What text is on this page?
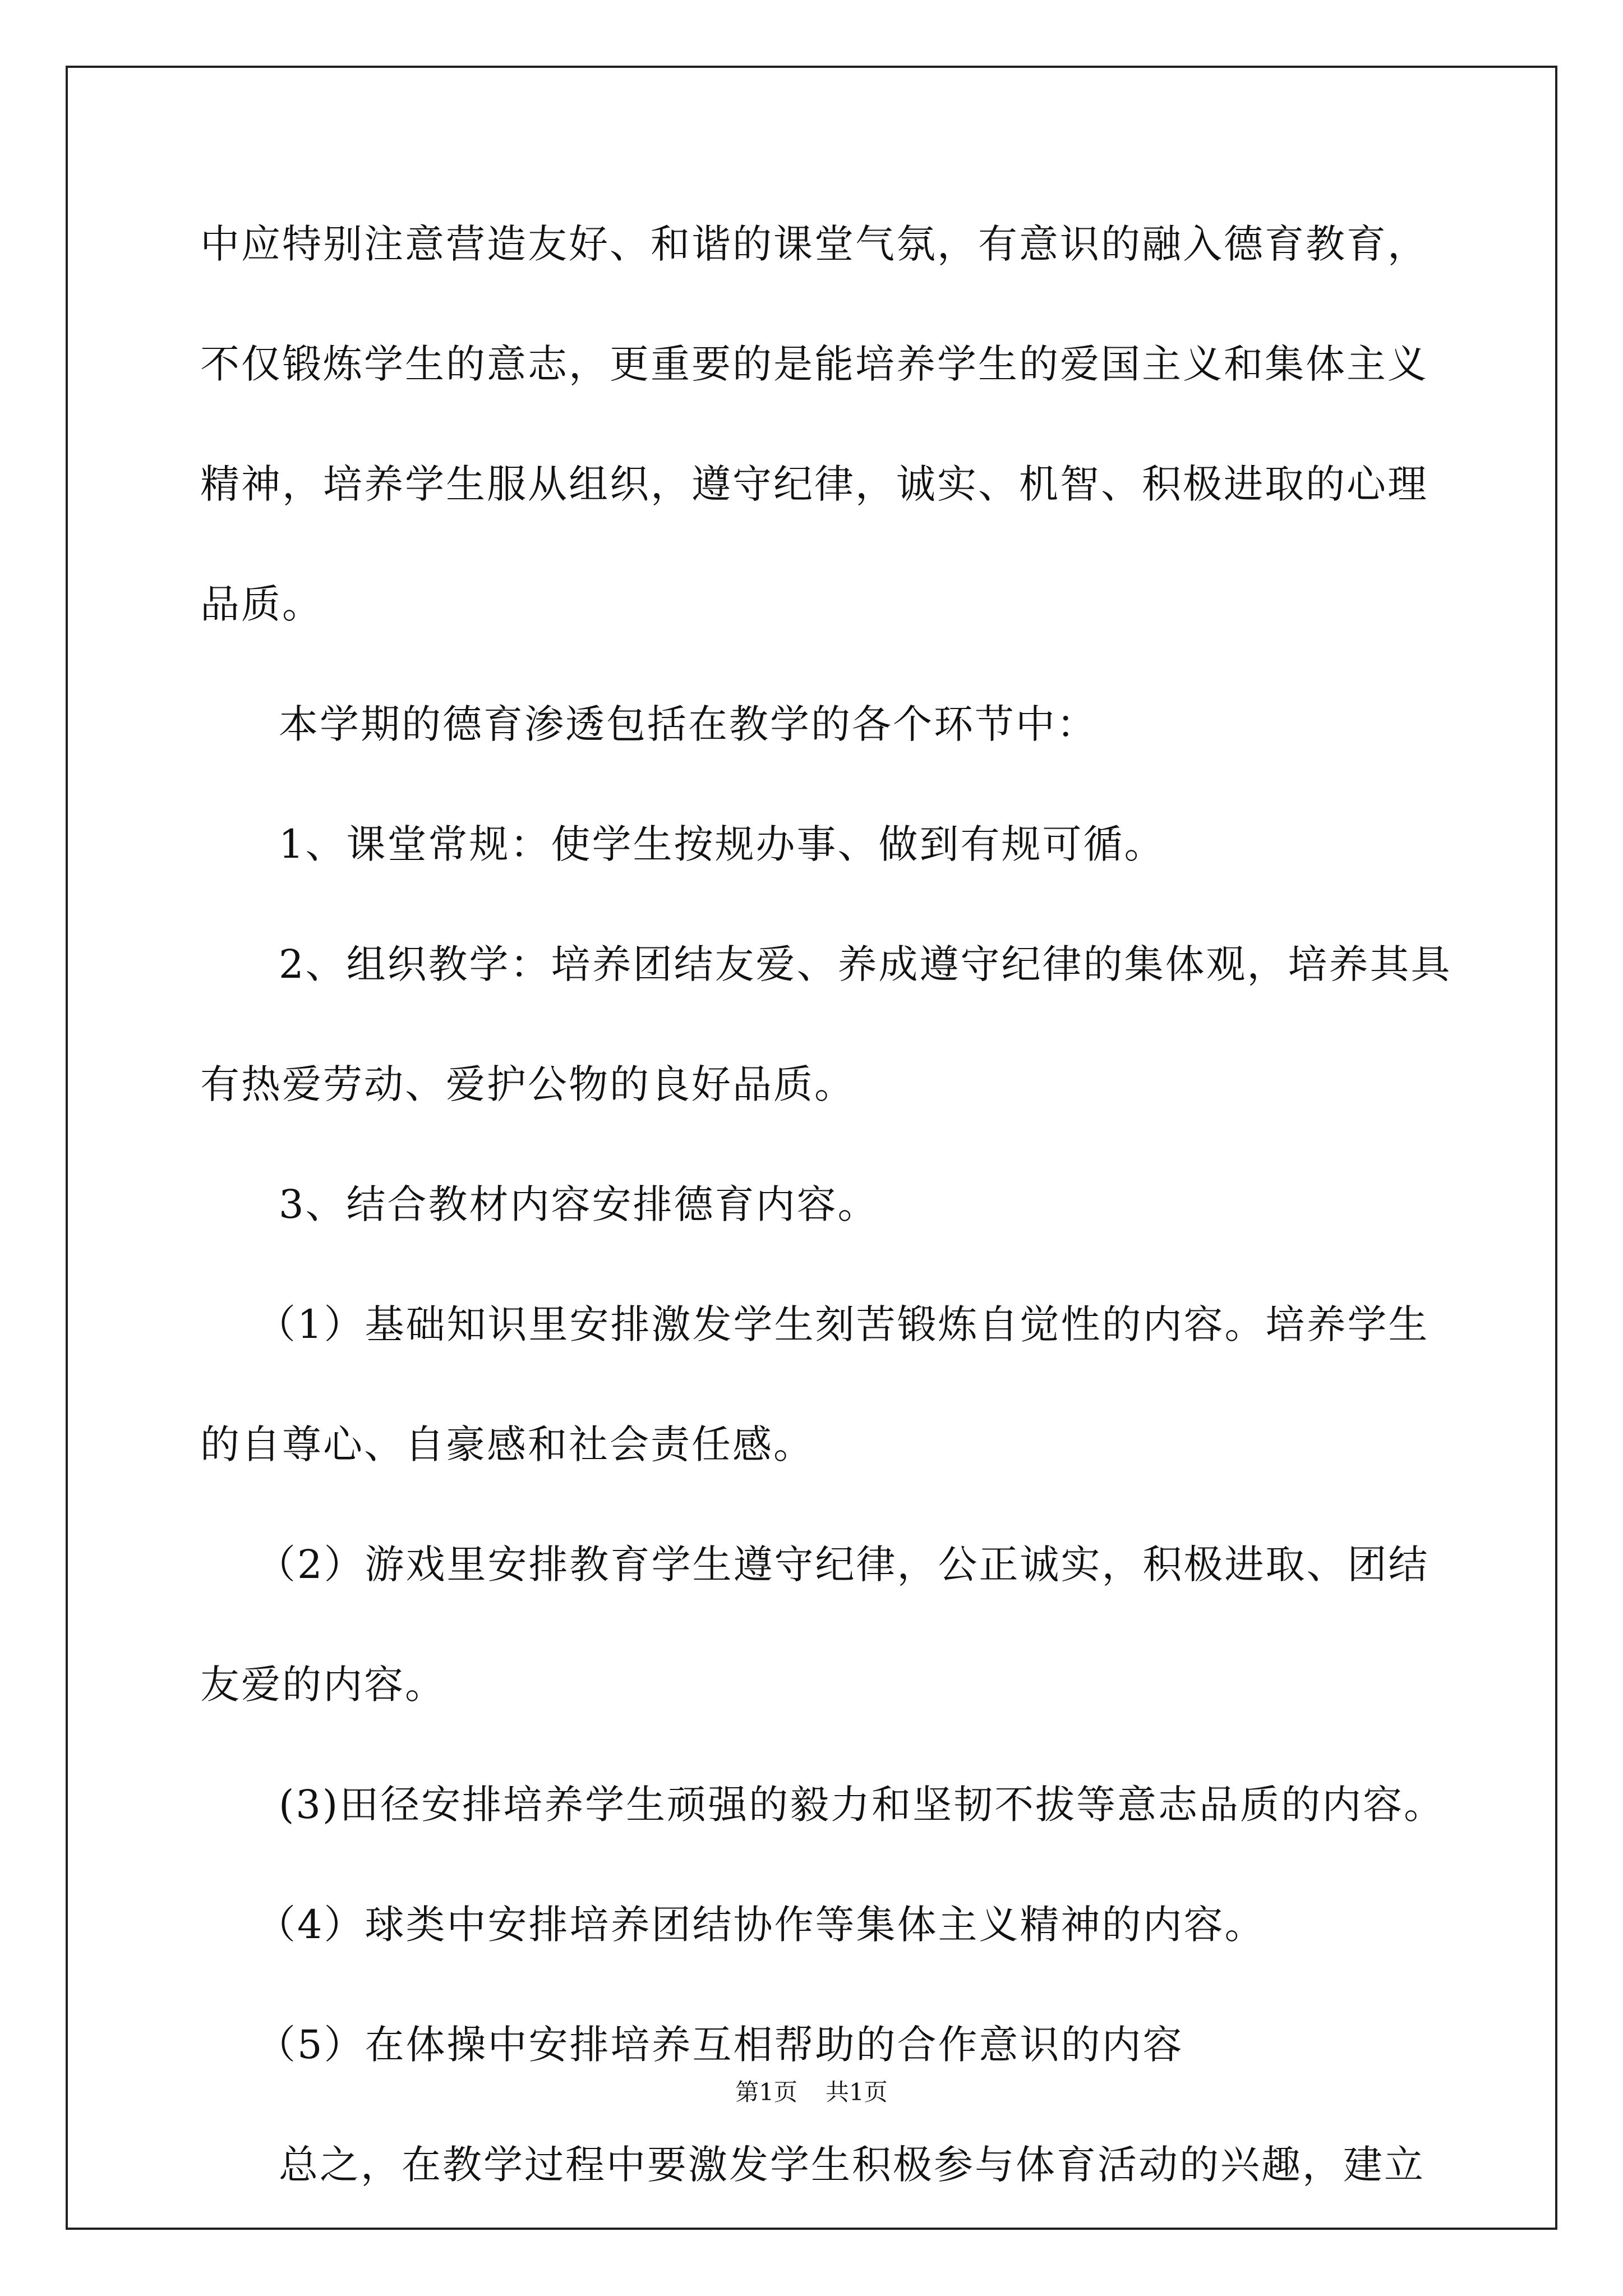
中应特别注意营造友好、和谐的课堂气氛，有意识的融入德育教育，
不仅锻炼学生的意志，更重要的是能培养学生的爱国主义和集体主义
精神，培养学生服从组织，遵守纪律，诚实、机智、积极进取的心理
品质。
本学期的德育渗透包括在教学的各个环节中：
1、课堂常规：使学生按规办事、做到有规可循。
2、组织教学：培养团结友爱、养成遵守纪律的集体观，培养其具
有热爱劳动、爱护公物的良好品质。
3、结合教材内容安排德育内容。
（1）基础知识里安排激发学生刻苦锻炼自觉性的内容。培养学生
的自尊心、自豪感和社会责任感。
（2）游戏里安排教育学生遵守纪律，公正诚实，积极进取、团结
友爱的内容。
(3)田径安排培养学生顽强的毅力和坚韧不拔等意志品质的内容。
（4）球类中安排培养团结协作等集体主义精神的内容。
（5）在体操中安排培养互相帮助的合作意识的内容
总之，在教学过程中要激发学生积极参与体育活动的兴趣，建立
第1页 共1页
